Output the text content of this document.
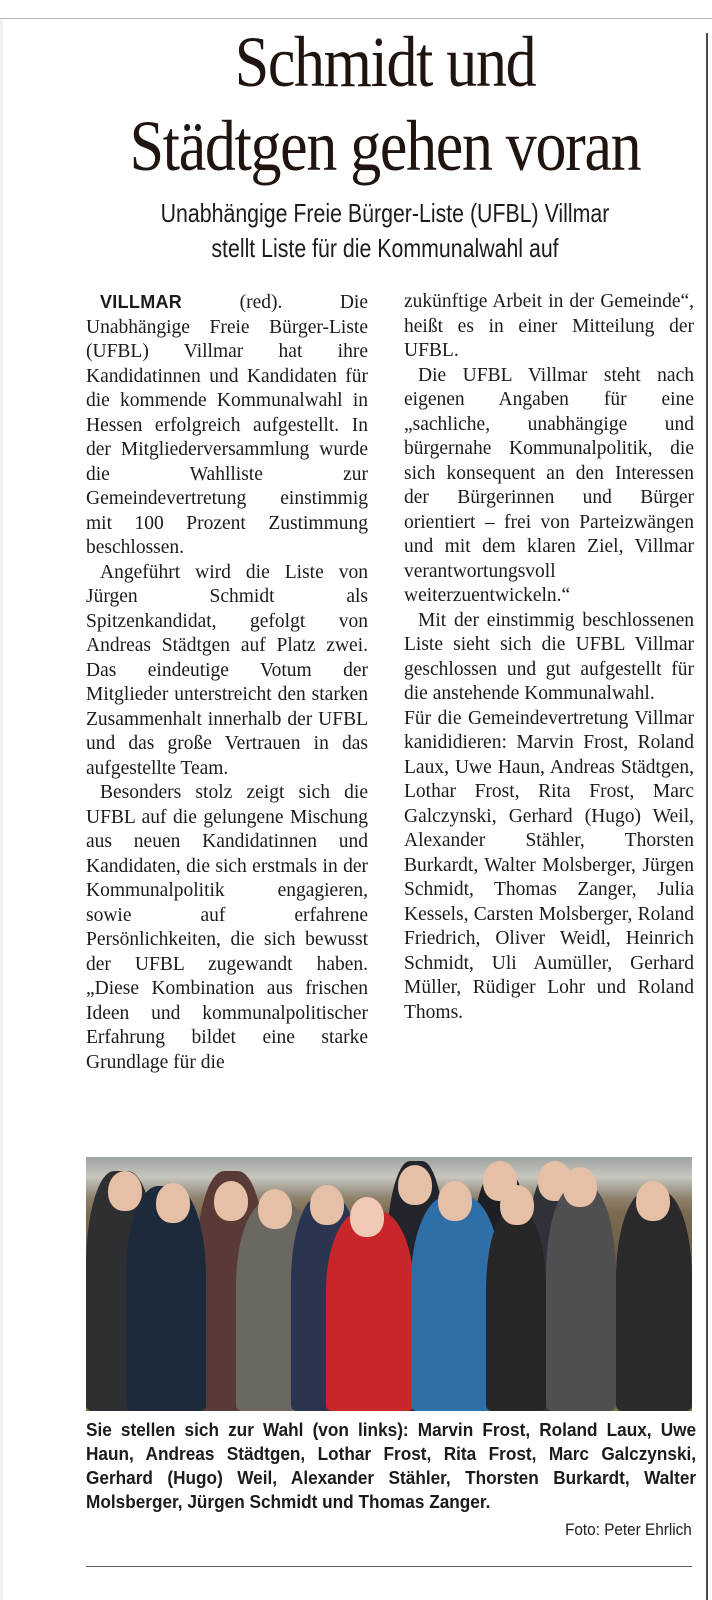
Schmidt und
Städtgen gehen voran
Unabhängige Freie Bürger-Liste (UFBL) Villmar
stellt Liste für die Kommunalwahl auf

VILLMAR	(red). Die Unabhängige Freie Bürger-Liste (UFBL) Villmar hat ihre Kandidatinnen und Kandidaten für die kommende Kommunalwahl in Hessen erfolgreich aufgestellt. In der Mitgliederversammlung wurde die Wahlliste zur Gemeindevertretung einstimmig mit 100 Prozent Zustimmung beschlossen.

Angeführt wird die Liste von Jürgen Schmidt als Spitzenkandidat, gefolgt von Andreas Städtgen auf Platz zwei. Das eindeutige Votum der Mitglieder unterstreicht den starken Zusammenhalt innerhalb der UFBL und das große Vertrauen in das aufgestellte Team.

Besonders stolz zeigt sich die UFBL auf die gelungene Mischung aus neuen Kandidatinnen und Kandidaten, die sich erstmals in der Kommunalpolitik engagieren, sowie auf erfahrene Persönlichkeiten, die sich bewusst der UFBL zugewandt haben. „Diese Kombination aus frischen Ideen und kommunalpolitischer Erfahrung bildet eine starke Grundlage für die

zukünftige Arbeit in der Gemeinde“, heißt es in einer Mitteilung der UFBL.

Die UFBL Villmar steht nach eigenen Angaben für eine „sachliche, unabhängige und bürgernahe Kommunalpolitik, die sich konsequent an den Interessen der Bürgerinnen und Bürger orientiert – frei von Parteizwängen und mit dem klaren Ziel, Villmar verantwortungsvoll weiterzuentwickeln.“

Mit der einstimmig beschlossenen Liste sieht sich die UFBL Villmar geschlossen und gut aufgestellt für die anstehende Kommunalwahl.

Für die Gemeindevertretung Villmar kanididieren: Marvin Frost, Roland Laux, Uwe Haun, Andreas Städtgen, Lothar Frost, Rita Frost, Marc Galczynski, Gerhard (Hugo) Weil, Alexander Stähler, Thorsten Burkardt, Walter Molsberger, Jürgen Schmidt, Thomas Zanger, Julia Kessels, Carsten Molsberger, Roland Friedrich, Oliver Weidl, Heinrich Schmidt, Uli Aumüller, Gerhard Müller, Rüdiger Lohr und Roland Thoms.

Sie stellen sich zur Wahl (von links): Marvin Frost, Roland Laux, Uwe Haun, Andreas Städtgen, Lothar Frost, Rita Frost, Marc Galczynski, Gerhard (Hugo) Weil, Alexander Stähler, Thorsten Burkardt, Walter Molsberger, Jürgen Schmidt und Thomas Zanger.

Foto: Peter Ehrlich
